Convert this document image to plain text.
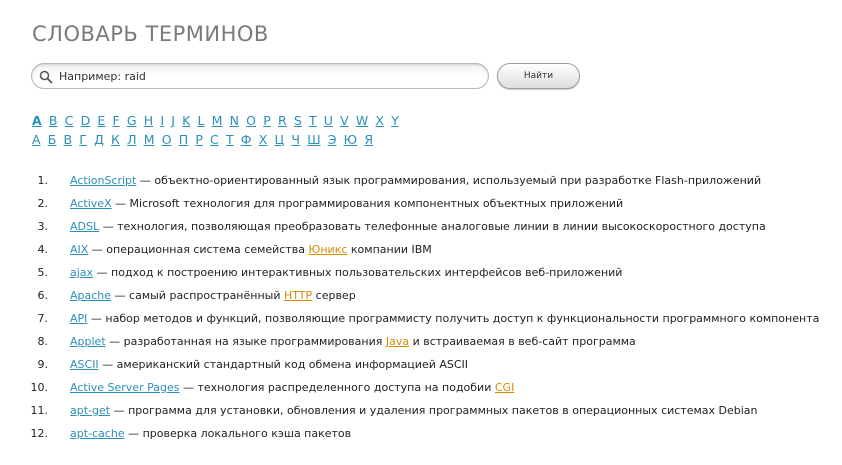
СЛОВАРЬ ТЕРМИНОВ
Например: raid
Найти
A B C D E F G H I J K L M N O P R S T U V W X Y
А Б В Г Д К Л М О П Р С Т Ф Х Ц Ч Ш Э Ю Я
1. ActionScript — объектно-ориентированный язык программирования, используемый при разработке Flash-приложений
2. ActiveX — Microsoft технология для программирования компонентных объектных приложений
3. ADSL — технология, позволяющая преобразовать телефонные аналоговые линии в линии высокоскоростного доступа
4. AIX — операционная система семейства Юникс компании IBM
5. ajax — подход к построению интерактивных пользовательских интерфейсов веб-приложений
6. Apache — самый распространённый HTTP сервер
7. API — набор методов и функций, позволяющие программисту получить доступ к функциональности программного компонента
8. Applet — разработанная на языке программирования Java и встраиваемая в веб-сайт программа
9. ASCII — американский стандартный код обмена информацией ASCII
10. Active Server Pages — технология распределенного доступа на подобии CGI
11. apt-get — программа для установки, обновления и удаления программных пакетов в операционных системах Debian
12. apt-cache — проверка локального кэша пакетов
